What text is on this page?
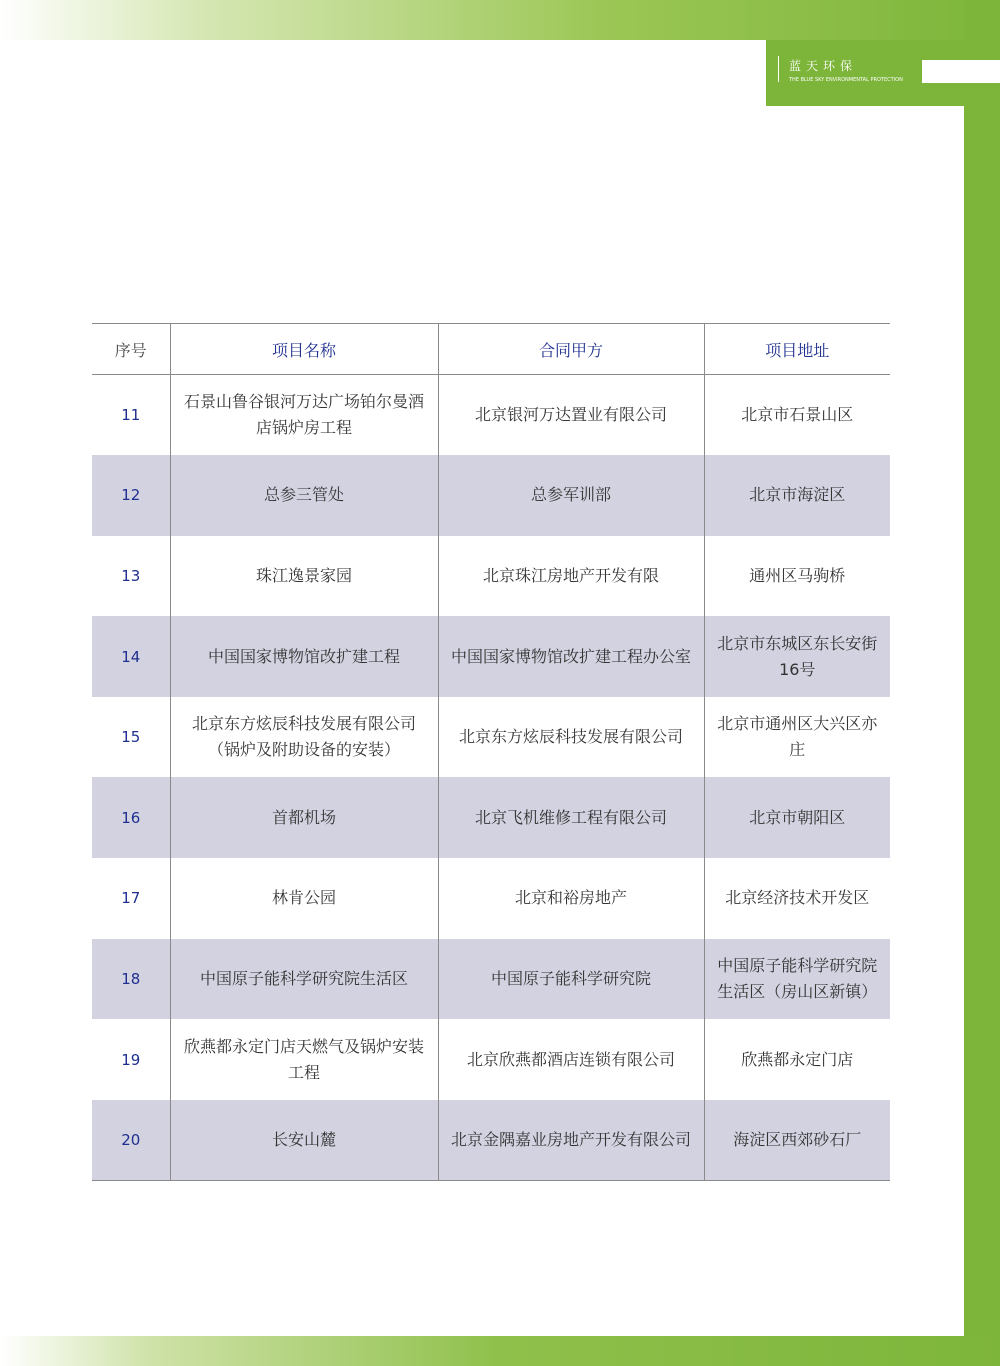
蓝天环保
THE BLUE SKY ENVIRONMENTAL PROTECTION
序号	项目名称	合同甲方	项目地址
11	石景山鲁谷银河万达广场铂尔曼酒店锅炉房工程	北京银河万达置业有限公司	北京市石景山区
12	总参三管处	总参军训部	北京市海淀区
13	珠江逸景家园	北京珠江房地产开发有限	通州区马驹桥
14	中国国家博物馆改扩建工程	中国国家博物馆改扩建工程办公室	北京市东城区东长安街16号
15	北京东方炫辰科技发展有限公司（锅炉及附助设备的安装）	北京东方炫辰科技发展有限公司	北京市通州区大兴区亦庄
16	首都机场	北京飞机维修工程有限公司	北京市朝阳区
17	林肯公园	北京和裕房地产	北京经济技术开发区
18	中国原子能科学研究院生活区	中国原子能科学研究院	中国原子能科学研究院生活区（房山区新镇）
19	欣燕都永定门店天燃气及锅炉安装工程	北京欣燕都酒店连锁有限公司	欣燕都永定门店
20	长安山麓	北京金隅嘉业房地产开发有限公司	海淀区西郊砂石厂
